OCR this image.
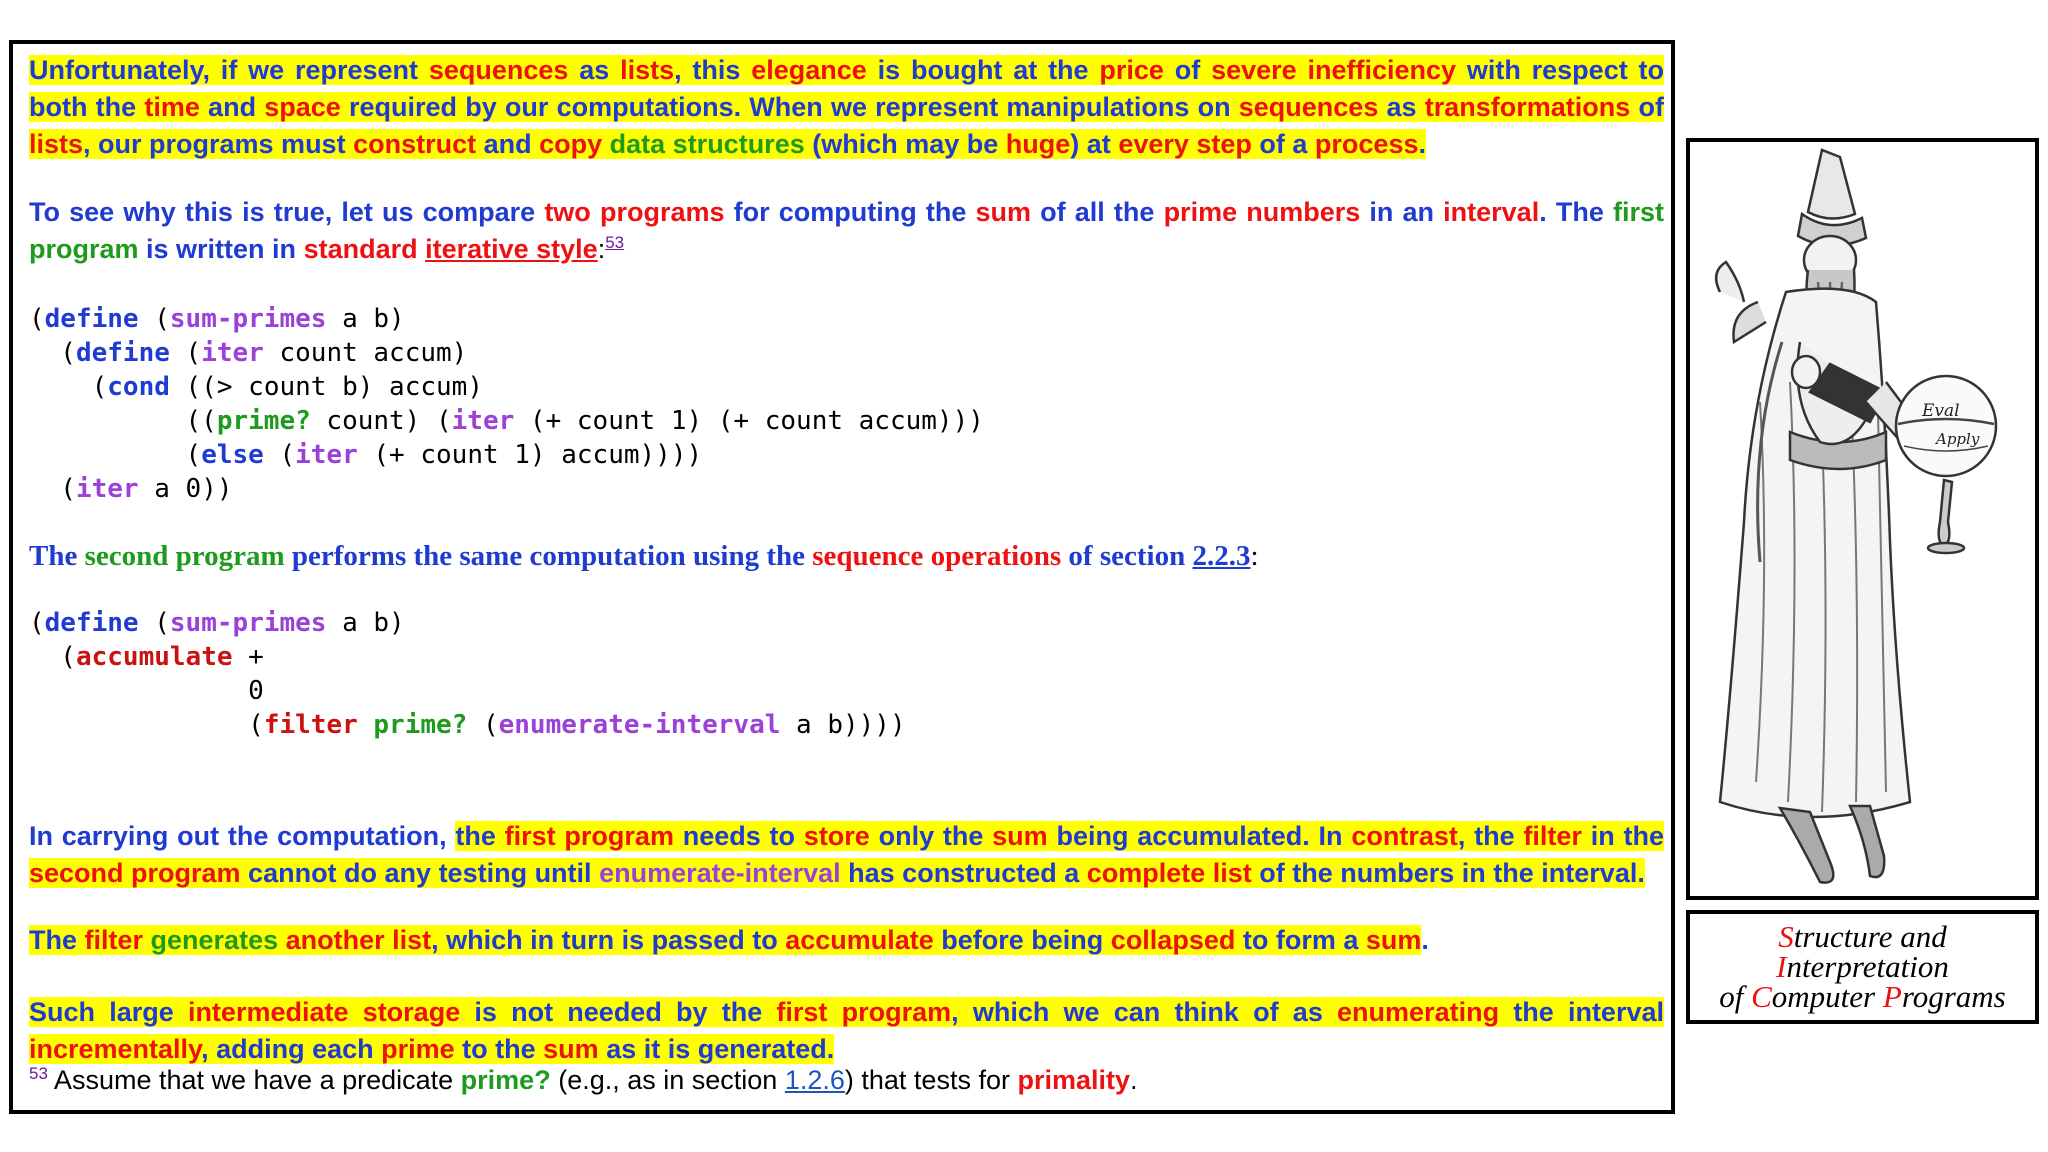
Unfortunately, if we represent sequences as lists, this elegance is bought at the price of severe inefficiency with respect to both the time and space required by our computations. When we represent manipulations on sequences as transformations of lists, our programs must construct and copy data structures (which may be huge) at every step of a process.

To see why this is true, let us compare two programs for computing the sum of all the prime numbers in an interval. The first program is written in standard iterative style:$^{53}$

(define (sum-primes a b)
(define (iter count accum)
(cond ((> count b) accum)
((prime? count) (iter (+ count 1) (+ count accum)))
(else (iter (+ count 1) accum))))
(iter a 0))

The second program performs the same computation using the sequence operations of section 2.2.3:

(define (sum-primes a b)
(accumulate +
0
(filter prime? (enumerate-interval a b))))

In carrying out the computation, the first program needs to store only the sum being accumulated. In contrast, the filter in the second program cannot do any testing until enumerate-interval has constructed a complete list of the numbers in the interval.

The filter generates another list, which in turn is passed to accumulate before being collapsed to form a sum.

Such large intermediate storage is not needed by the first program, which we can think of as enumerating the interval incrementally, adding each prime to the sum as it is generated.

$^{53}$ Assume that we have a predicate prime? (e.g., as in section 1.2.6) that tests for primality.

Eval
Apply
Structure and
Interpretation
of Computer Programs
